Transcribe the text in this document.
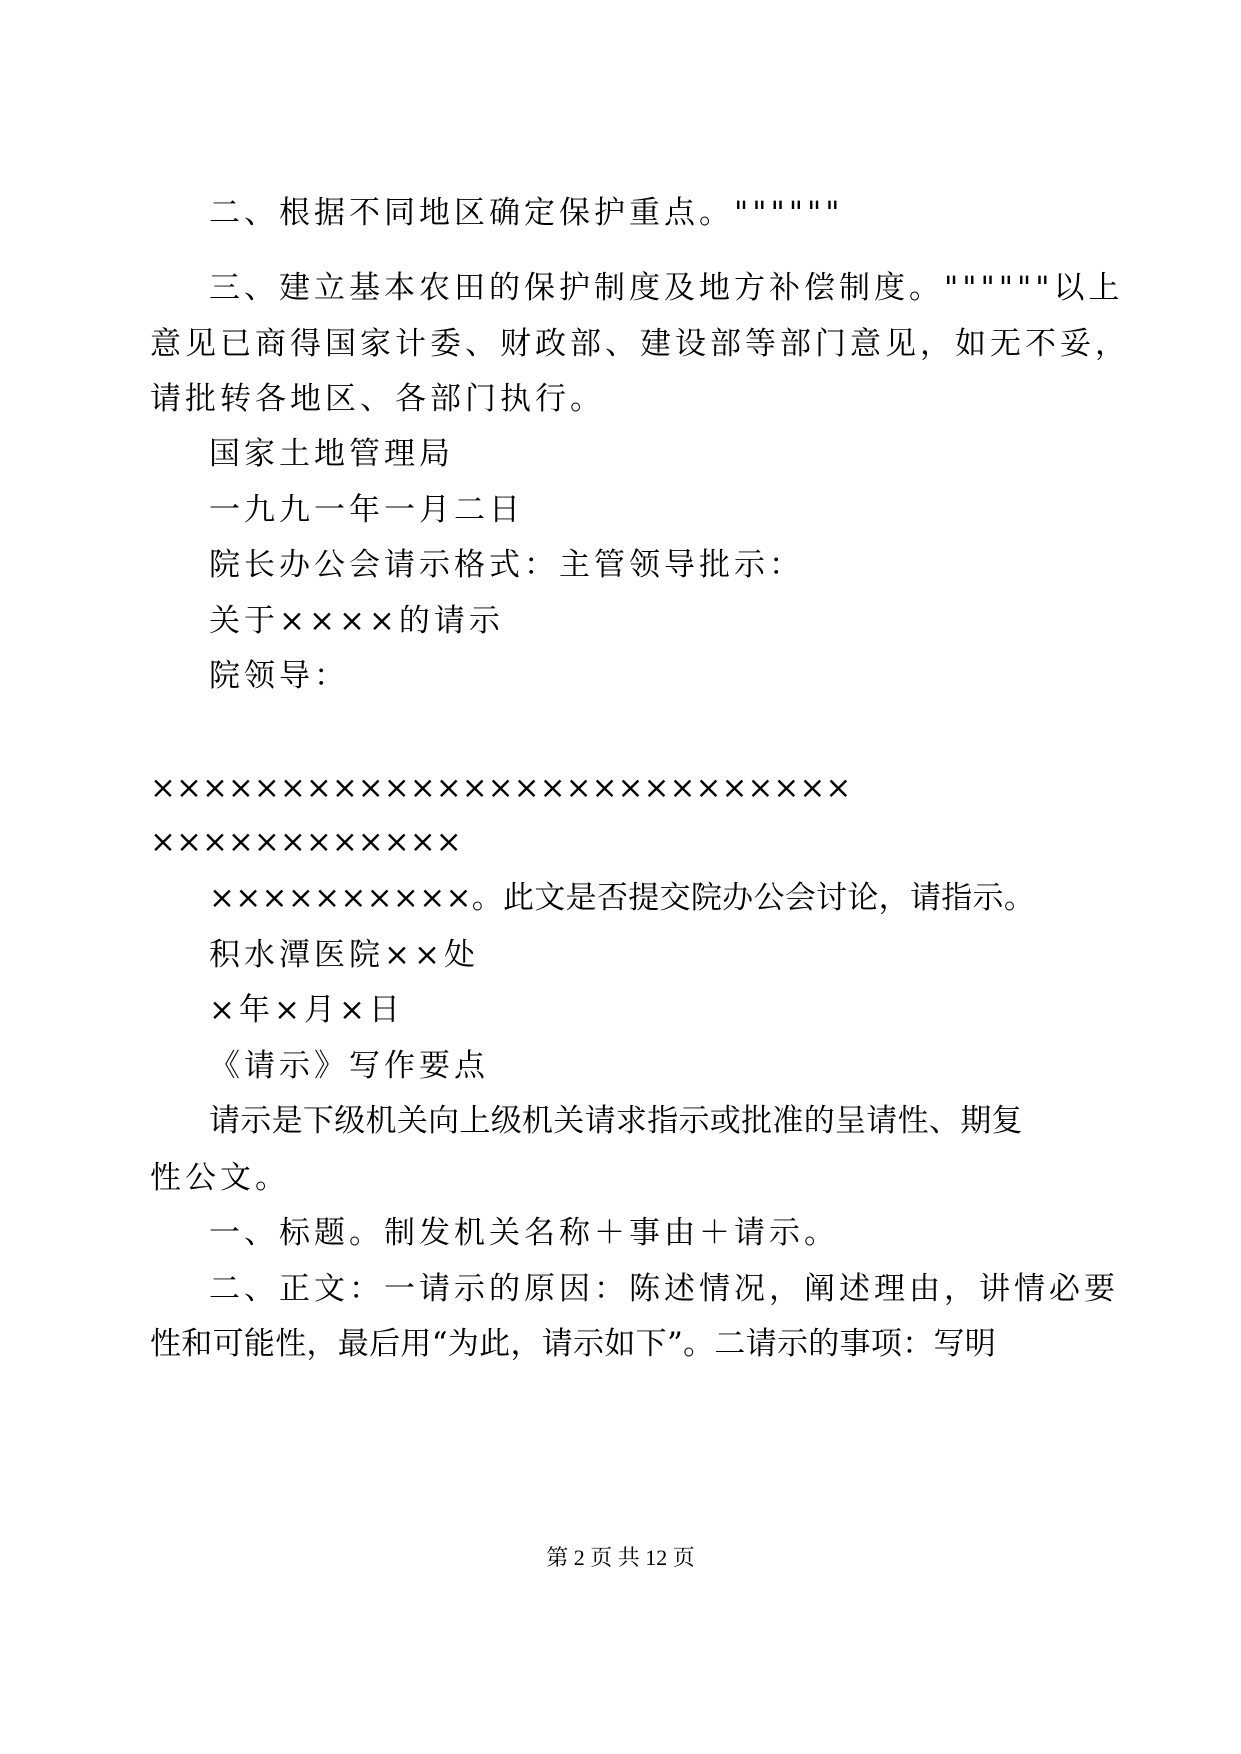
二、根据不同地区确定保护重点。""""""
三、建立基本农田的保护制度及地方补偿制度。""""""以上
意见已商得国家计委、财政部、建设部等部门意见，如无不妥，
请批转各地区、各部门执行。
国家土地管理局
一九九一年一月二日
院长办公会请示格式：主管领导批示：
关于××××的请示
院领导：
×××××××××××××××××××××××××××
××××××××××××
××××××××××。此文是否提交院办公会讨论，请指示。
积水潭医院××处
×年×月×日
《请示》写作要点
请示是下级机关向上级机关请求指示或批准的呈请性、期复
性公文。
一、标题。制发机关名称＋事由＋请示。
二、正文：一请示的原因：陈述情况，阐述理由，讲情必要
性和可能性，最后用“为此，请示如下”。二请示的事项：写明
第 2 页 共 12 页
